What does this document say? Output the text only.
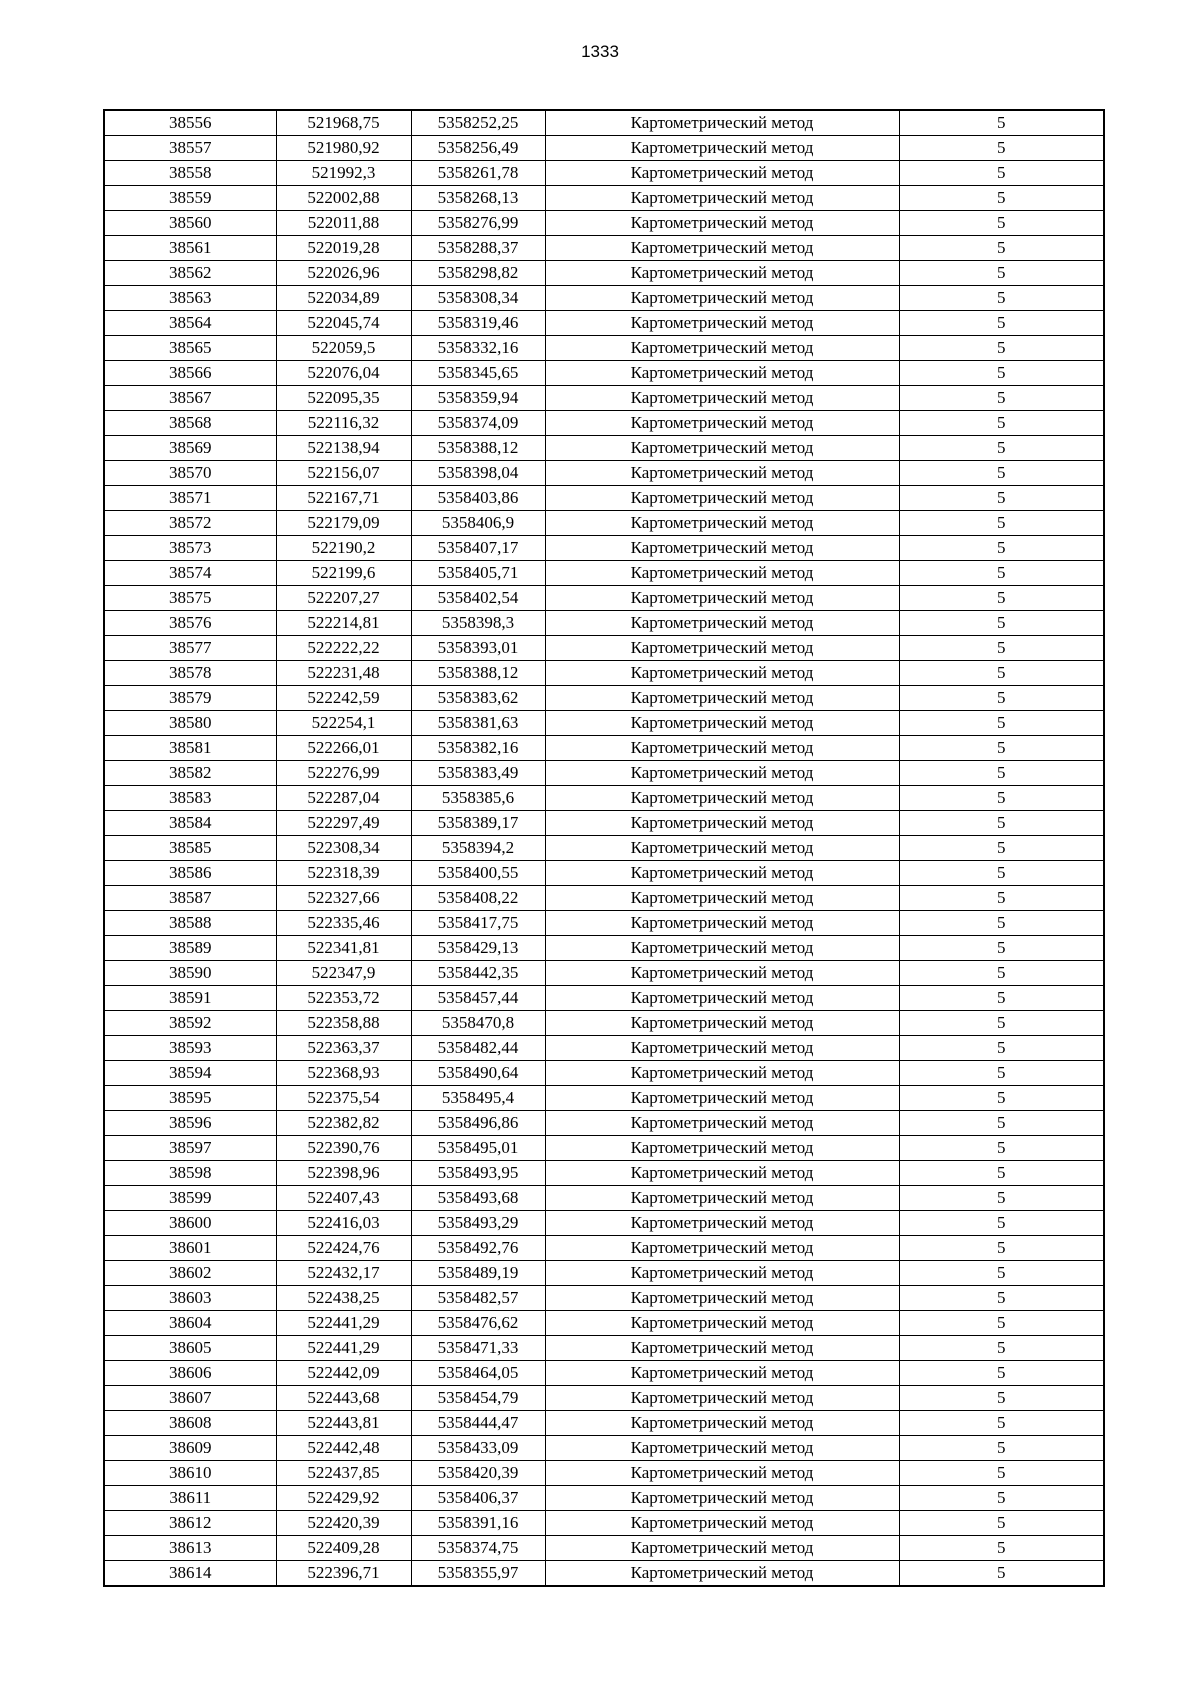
1333
38556	521968,75	5358252,25	Картометрический метод	5
38557	521980,92	5358256,49	Картометрический метод	5
38558	521992,3	5358261,78	Картометрический метод	5
38559	522002,88	5358268,13	Картометрический метод	5
38560	522011,88	5358276,99	Картометрический метод	5
38561	522019,28	5358288,37	Картометрический метод	5
38562	522026,96	5358298,82	Картометрический метод	5
38563	522034,89	5358308,34	Картометрический метод	5
38564	522045,74	5358319,46	Картометрический метод	5
38565	522059,5	5358332,16	Картометрический метод	5
38566	522076,04	5358345,65	Картометрический метод	5
38567	522095,35	5358359,94	Картометрический метод	5
38568	522116,32	5358374,09	Картометрический метод	5
38569	522138,94	5358388,12	Картометрический метод	5
38570	522156,07	5358398,04	Картометрический метод	5
38571	522167,71	5358403,86	Картометрический метод	5
38572	522179,09	5358406,9	Картометрический метод	5
38573	522190,2	5358407,17	Картометрический метод	5
38574	522199,6	5358405,71	Картометрический метод	5
38575	522207,27	5358402,54	Картометрический метод	5
38576	522214,81	5358398,3	Картометрический метод	5
38577	522222,22	5358393,01	Картометрический метод	5
38578	522231,48	5358388,12	Картометрический метод	5
38579	522242,59	5358383,62	Картометрический метод	5
38580	522254,1	5358381,63	Картометрический метод	5
38581	522266,01	5358382,16	Картометрический метод	5
38582	522276,99	5358383,49	Картометрический метод	5
38583	522287,04	5358385,6	Картометрический метод	5
38584	522297,49	5358389,17	Картометрический метод	5
38585	522308,34	5358394,2	Картометрический метод	5
38586	522318,39	5358400,55	Картометрический метод	5
38587	522327,66	5358408,22	Картометрический метод	5
38588	522335,46	5358417,75	Картометрический метод	5
38589	522341,81	5358429,13	Картометрический метод	5
38590	522347,9	5358442,35	Картометрический метод	5
38591	522353,72	5358457,44	Картометрический метод	5
38592	522358,88	5358470,8	Картометрический метод	5
38593	522363,37	5358482,44	Картометрический метод	5
38594	522368,93	5358490,64	Картометрический метод	5
38595	522375,54	5358495,4	Картометрический метод	5
38596	522382,82	5358496,86	Картометрический метод	5
38597	522390,76	5358495,01	Картометрический метод	5
38598	522398,96	5358493,95	Картометрический метод	5
38599	522407,43	5358493,68	Картометрический метод	5
38600	522416,03	5358493,29	Картометрический метод	5
38601	522424,76	5358492,76	Картометрический метод	5
38602	522432,17	5358489,19	Картометрический метод	5
38603	522438,25	5358482,57	Картометрический метод	5
38604	522441,29	5358476,62	Картометрический метод	5
38605	522441,29	5358471,33	Картометрический метод	5
38606	522442,09	5358464,05	Картометрический метод	5
38607	522443,68	5358454,79	Картометрический метод	5
38608	522443,81	5358444,47	Картометрический метод	5
38609	522442,48	5358433,09	Картометрический метод	5
38610	522437,85	5358420,39	Картометрический метод	5
38611	522429,92	5358406,37	Картометрический метод	5
38612	522420,39	5358391,16	Картометрический метод	5
38613	522409,28	5358374,75	Картометрический метод	5
38614	522396,71	5358355,97	Картометрический метод	5
